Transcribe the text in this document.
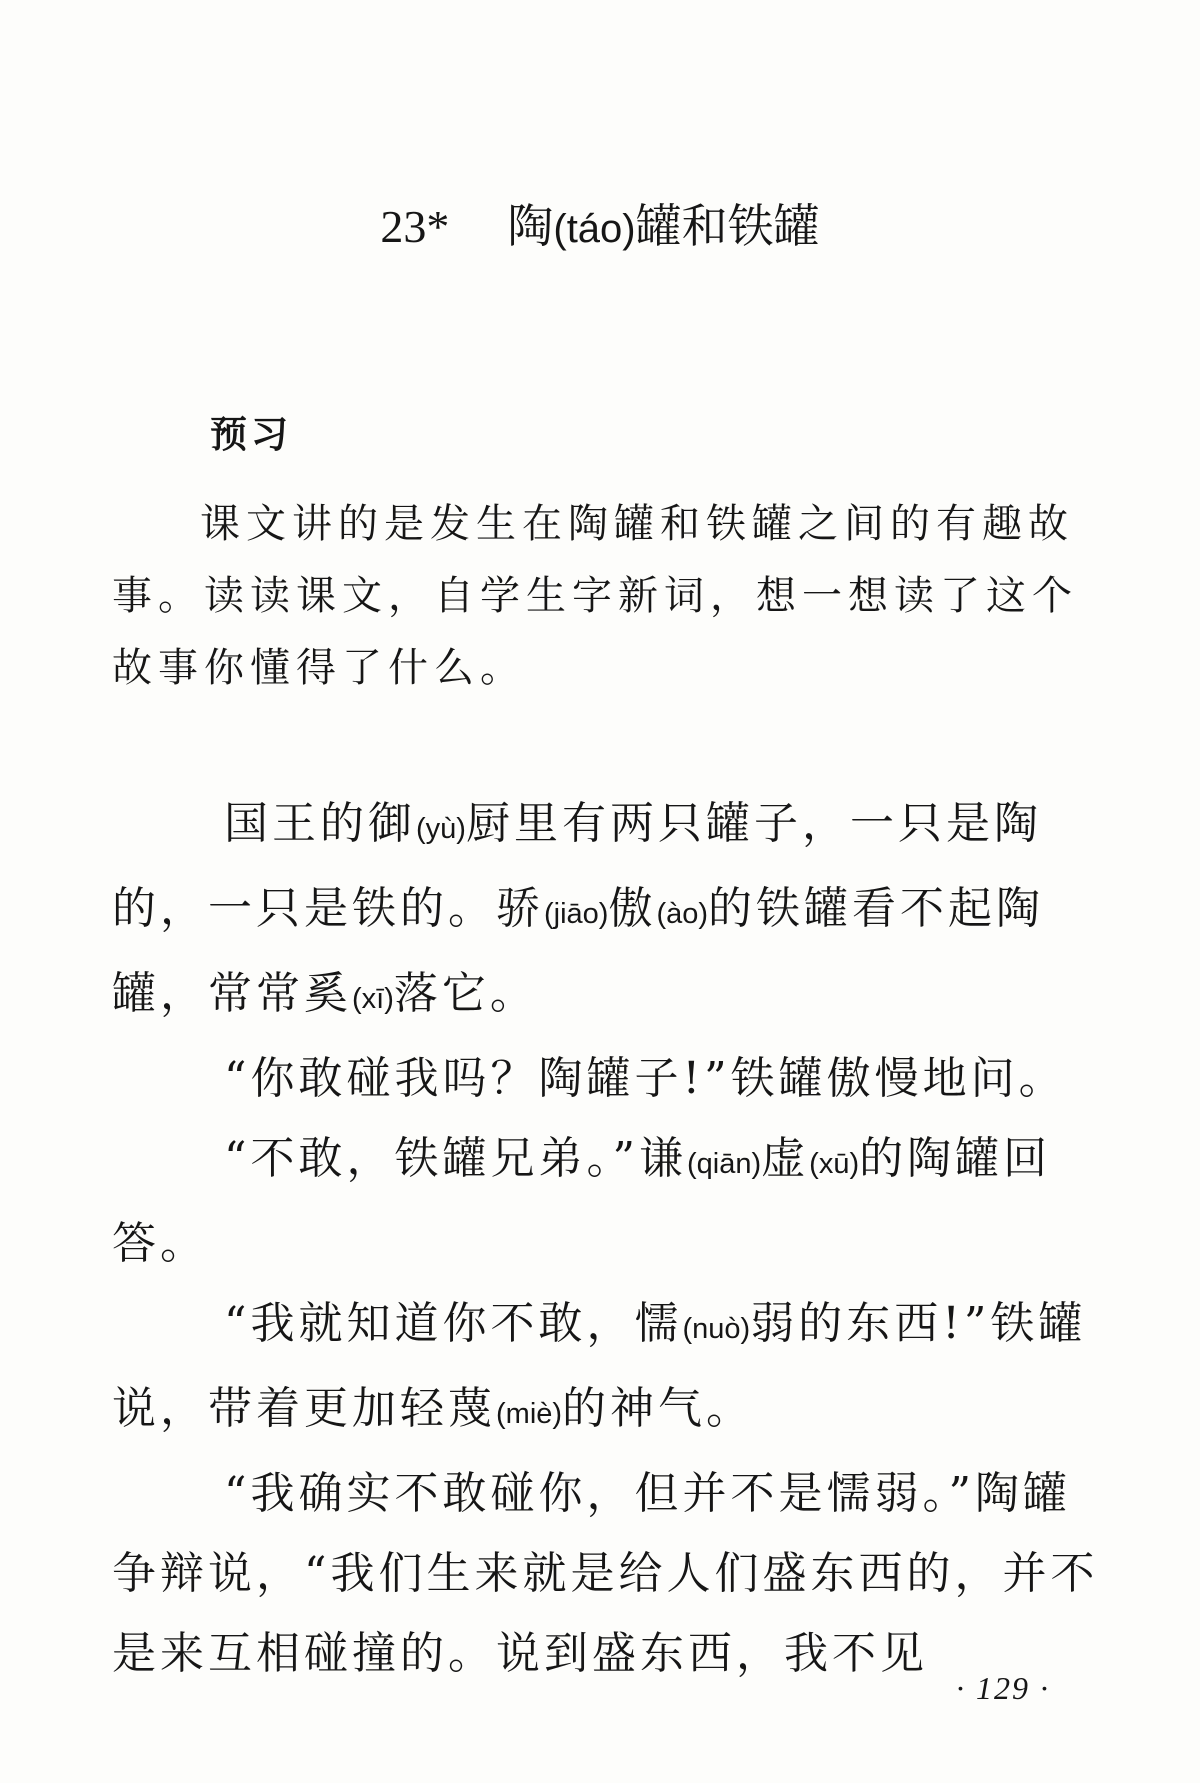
23* 陶(táo)罐和铁罐
预习
课文讲的是发生在陶罐和铁罐之间的有趣故事。读读课文，自学生字新词，想一想读了这个故事你懂得了什么。

国王的御(yù)厨里有两只罐子，一只是陶的，一只是铁的。骄(jiāo)傲(ào)的铁罐看不起陶罐，常常奚(xī)落它。

“你敢碰我吗？陶罐子!”铁罐傲慢地问。

“不敢，铁罐兄弟。”谦(qiān)虚(xū)的陶罐回答。

“我就知道你不敢，懦(nuò)弱的东西!”铁罐说，带着更加轻蔑(miè)的神气。

“我确实不敢碰你，但并不是懦弱。”陶罐争辩说，“我们生来就是给人们盛东西的，并不是来互相碰撞的。说到盛东西，我不见

· 129 ·
